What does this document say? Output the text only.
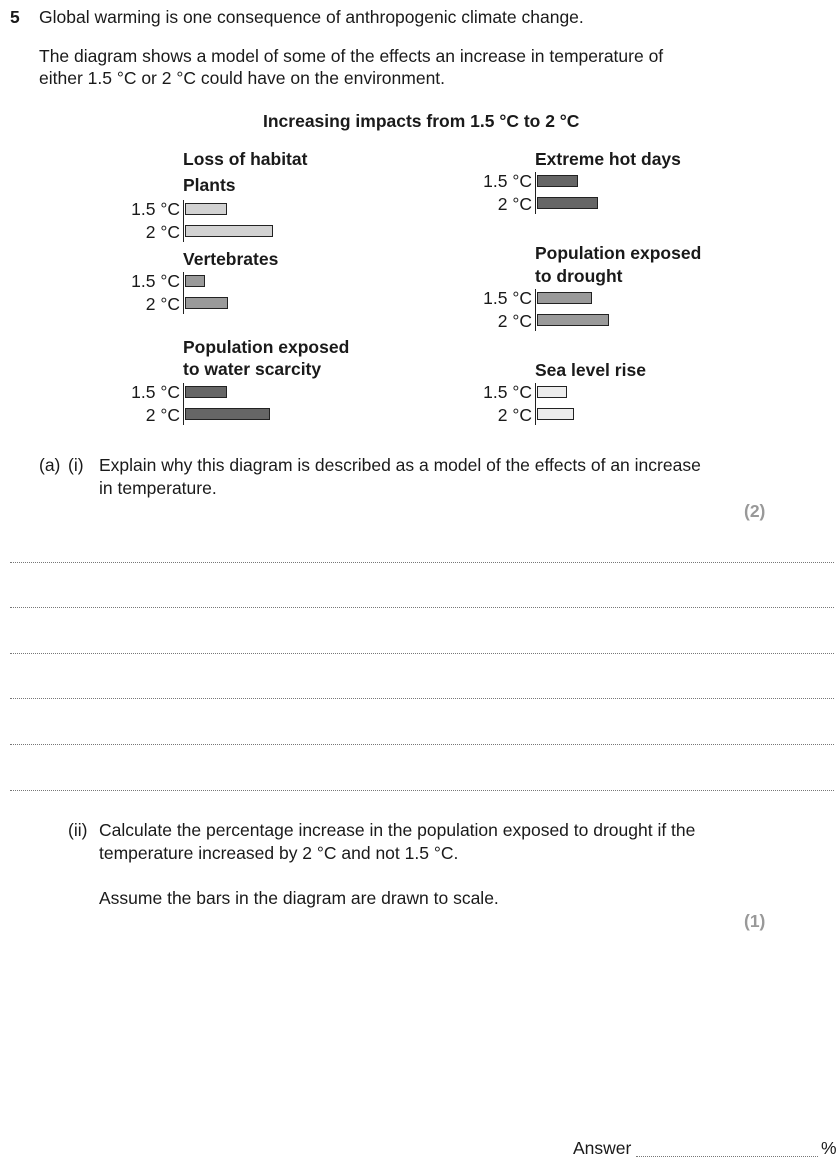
5 Global warming is one consequence of anthropogenic climate change.
The diagram shows a model of some of the effects an increase in temperature of
either 1.5 °C or 2 °C could have on the environment.
Increasing impacts from 1.5 °C to 2 °C
Loss of habitat
Plants
1.5 °C
2 °C
Vertebrates
1.5 °C
2 °C
Population exposed
to water scarcity
1.5 °C
2 °C
Extreme hot days
1.5 °C
2 °C
Population exposed
to drought
1.5 °C
2 °C
Sea level rise
1.5 °C
2 °C
(a) (i) Explain why this diagram is described as a model of the effects of an increase
in temperature.
(2)
(ii) Calculate the percentage increase in the population exposed to drought if the
temperature increased by 2 °C and not 1.5 °C.
Assume the bars in the diagram are drawn to scale.
(1)
Answer	%
